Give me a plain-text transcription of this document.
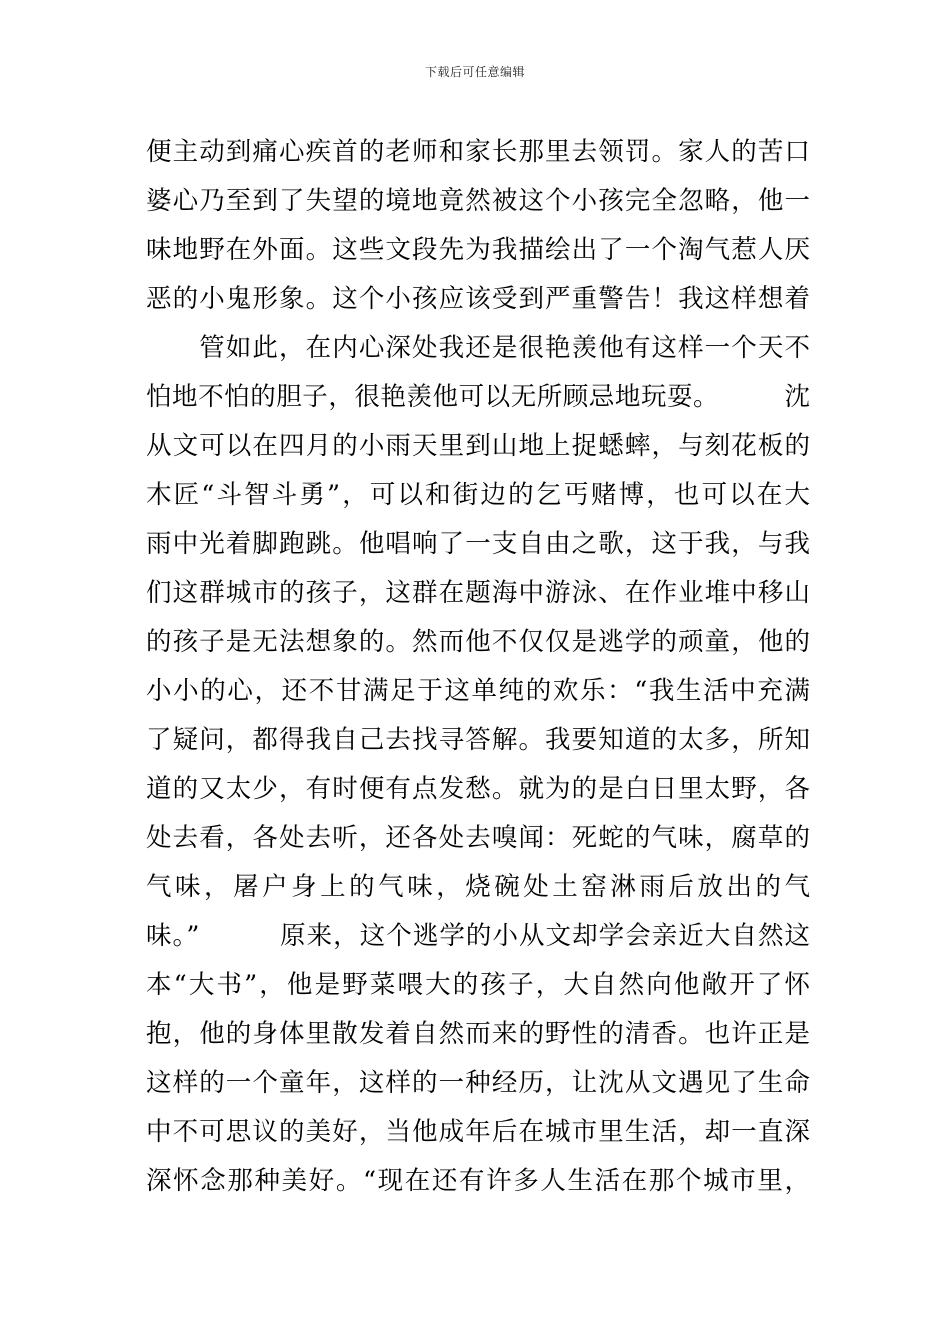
下载后可任意编辑
便主动到痛心疾首的老师和家长那里去领罚。家人的苦口
婆心乃至到了失望的境地竟然被这个小孩完全忽略，他一
味地野在外面。这些文段先为我描绘出了一个淘气惹人厌
恶的小鬼形象。这个小孩应该受到严重警告！我这样想着
　　管如此，在内心深处我还是很艳羡他有这样一个天不
怕地不怕的胆子，很艳羡他可以无所顾忌地玩耍。　　　沈
从文可以在四月的小雨天里到山地上捉蟋蟀，与刻花板的
木匠“斗智斗勇”，可以和街边的乞丐赌博，也可以在大
雨中光着脚跑跳。他唱响了一支自由之歌，这于我，与我
们这群城市的孩子，这群在题海中游泳、在作业堆中移山
的孩子是无法想象的。然而他不仅仅是逃学的顽童，他的
小小的心，还不甘满足于这单纯的欢乐：“我生活中充满
了疑问，都得我自己去找寻答解。我要知道的太多，所知
道的又太少，有时便有点发愁。就为的是白日里太野，各
处去看，各处去听，还各处去嗅闻：死蛇的气味，腐草的
气味，屠户身上的气味，烧碗处土窑淋雨后放出的气
味。”　　　原来，这个逃学的小从文却学会亲近大自然这
本“大书”，他是野菜喂大的孩子，大自然向他敞开了怀
抱，他的身体里散发着自然而来的野性的清香。也许正是
这样的一个童年，这样的一种经历，让沈从文遇见了生命
中不可思议的美好，当他成年后在城市里生活，却一直深
深怀念那种美好。“现在还有许多人生活在那个城市里，
